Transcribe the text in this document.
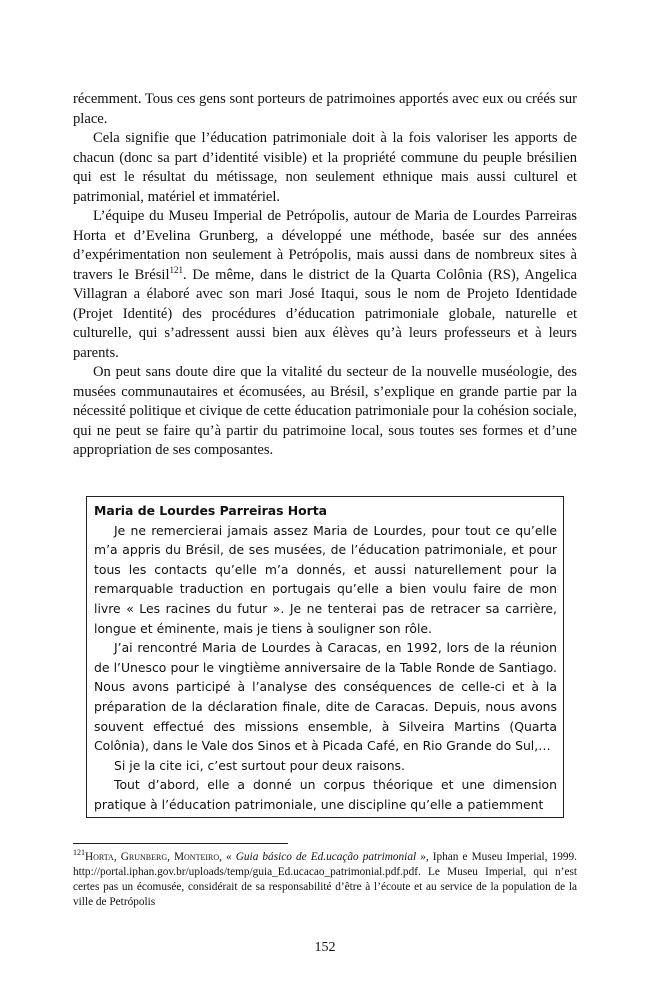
récemment. Tous ces gens sont porteurs de patrimoines apportés avec eux ou créés sur place.

Cela signifie que l’éducation patrimoniale doit à la fois valoriser les apports de chacun (donc sa part d’identité visible) et la propriété commune du peuple brésilien qui est le résultat du métissage, non seulement ethnique mais aussi culturel et patrimonial, matériel et immatériel.

L’équipe du Museu Imperial de Petrópolis, autour de Maria de Lourdes Parreiras Horta et d’Evelina Grunberg, a développé une méthode, basée sur des années d’expérimentation non seulement à Petrópolis, mais aussi dans de nombreux sites à travers le Brésil$^{121}$. De même, dans le district de la Quarta Colônia (RS), Angelica Villagran a élaboré avec son mari José Itaqui, sous le nom de Projeto Identidade (Projet Identité) des procédures d’éducation patrimoniale globale, naturelle et culturelle, qui s’adressent aussi bien aux élèves qu’à leurs professeurs et à leurs parents.

On peut sans doute dire que la vitalité du secteur de la nouvelle muséologie, des musées communautaires et écomusées, au Brésil, s’explique en grande partie par la nécessité politique et civique de cette éducation patrimoniale pour la cohésion sociale, qui ne peut se faire qu’à partir du patrimoine local, sous toutes ses formes et d’une appropriation de ses composantes.

Maria de Lourdes Parreiras Horta

Je ne remercierai jamais assez Maria de Lourdes, pour tout ce qu’elle m’a appris du Brésil, de ses musées, de l’éducation patrimoniale, et pour tous les contacts qu’elle m’a donnés, et aussi naturellement pour la remarquable traduction en portugais qu’elle a bien voulu faire de mon livre « Les racines du futur ». Je ne tenterai pas de retracer sa carrière, longue et éminente, mais je tiens à souligner son rôle.

J’ai rencontré Maria de Lourdes à Caracas, en 1992, lors de la réunion de l’Unesco pour le vingtième anniversaire de la Table Ronde de Santiago. Nous avons participé à l’analyse des conséquences de celle-ci et à la préparation de la déclaration finale, dite de Caracas. Depuis, nous avons souvent effectué des missions ensemble, à Silveira Martins (Quarta Colônia), dans le Vale dos Sinos et à Picada Café, en Rio Grande do Sul,…

Si je la cite ici, c’est surtout pour deux raisons.

Tout d’abord, elle a donné un corpus théorique et une dimension pratique à l’éducation patrimoniale, une discipline qu’elle a patiemment

$^{121}$Horta, Grunberg, Monteiro, « Guia básico de Ed.ucação patrimonial », Iphan e Museu Imperial, 1999. http://portal.iphan.gov.br/uploads/temp/guia_Ed.ucacao_patrimonial.pdf.pdf. Le Museu Imperial, qui n’est certes pas un écomusée, considérait de sa responsabilité d’être à l’écoute et au service de la population de la ville de Petrópolis
152
